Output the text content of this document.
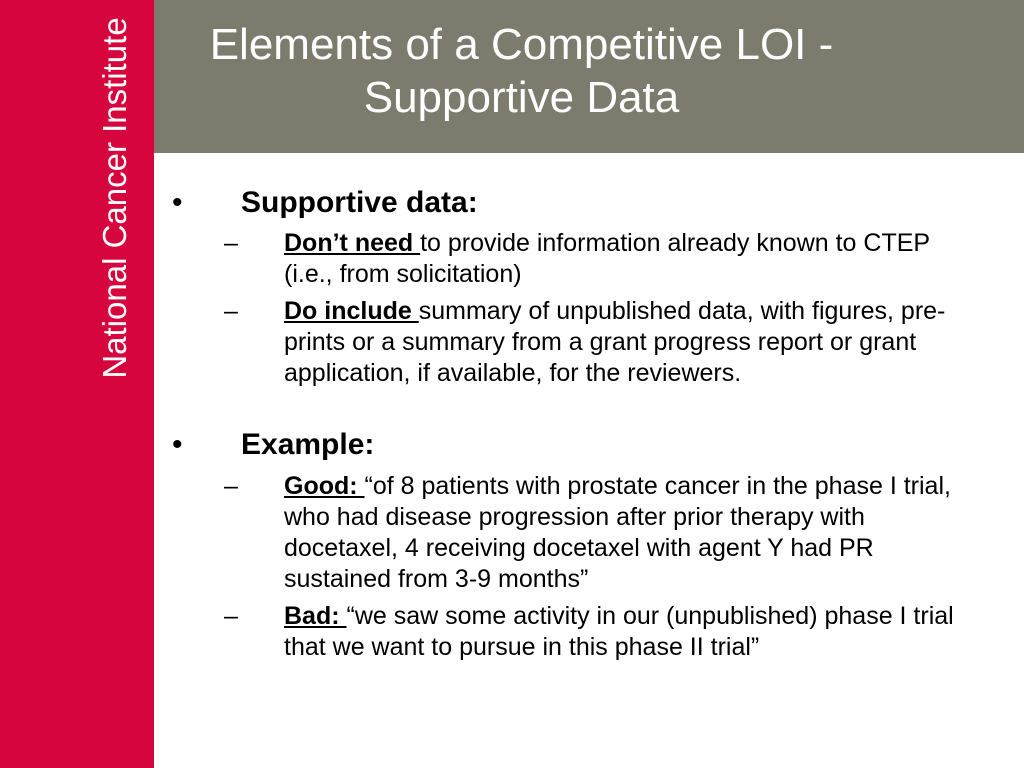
National Cancer Institute	Elements of a Competitive LOI -
Supportive Data
• Supportive data:
– Don’t need to provide information already known to CTEP (i.e., from solicitation)
– Do include summary of unpublished data, with figures, pre-prints or a summary from a grant progress report or grant application, if available, for the reviewers.
• Example:
– Good: “of 8 patients with prostate cancer in the phase I trial, who had disease progression after prior therapy with docetaxel, 4 receiving docetaxel with agent Y had PR sustained from 3-9 months”
– Bad: “we saw some activity in our (unpublished) phase I trial that we want to pursue in this phase II trial”
